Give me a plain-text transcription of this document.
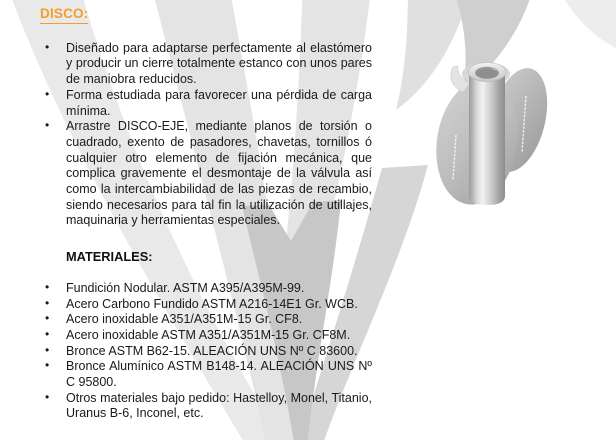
DISCO:
• Diseñado para adaptarse perfectamente al elastómero y producir un cierre totalmente estanco con unos pares de maniobra reducidos.
• Forma estudiada para favorecer una pérdida de carga mínima.
• Arrastre DISCO-EJE, mediante planos de torsión o cuadrado, exento de pasadores, chavetas, tornillos ó cualquier otro elemento de fijación mecánica, que complica gravemente el desmontaje de la válvula así como la intercambiabilidad de las piezas de recambio, siendo necesarios para tal fin la utilización de utillajes, maquinaria y herramientas especiales.
MATERIALES:
• Fundición Nodular. ASTM A395/A395M-99.
• Acero Carbono Fundido ASTM A216-14E1 Gr. WCB.
• Acero inoxidable A351/A351M-15 Gr. CF8.
• Acero inoxidable ASTM A351/A351M-15 Gr. CF8M.
• Bronce ASTM B62-15. ALEACIÓN UNS Nº C 83600.
• Bronce Alumínico ASTM B148-14. ALEACIÓN UNS Nº C 95800.
• Otros materiales bajo pedido: Hastelloy, Monel, Titanio, Uranus B-6, Inconel, etc.
